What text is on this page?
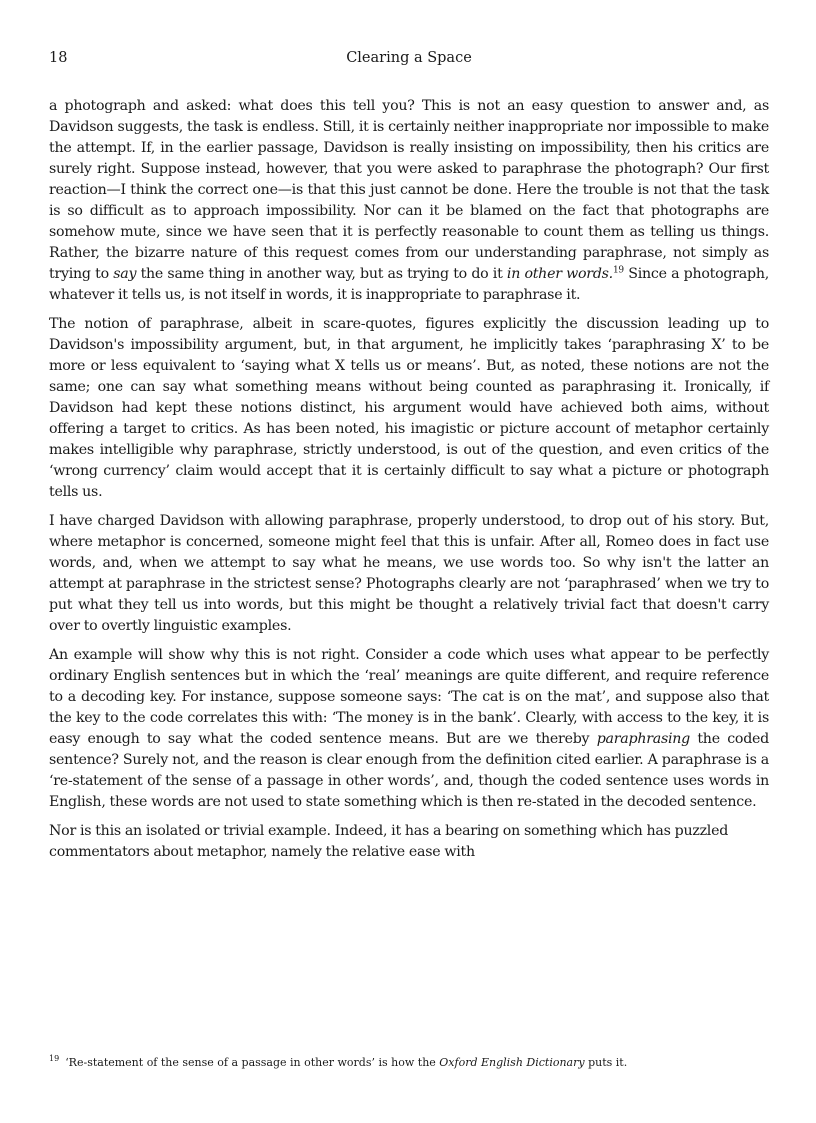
18	Clearing a Space

a photograph and asked: what does this tell you? This is not an easy question to answer and, as Davidson suggests, the task is endless. Still, it is certainly neither inappropriate nor impossible to make the attempt. If, in the earlier passage, Davidson is really insisting on impossibility, then his critics are surely right. Suppose instead, however, that you were asked to paraphrase the photograph? Our first reaction—I think the correct one—is that this just cannot be done. Here the trouble is not that the task is so difficult as to approach impossibility. Nor can it be blamed on the fact that photographs are somehow mute, since we have seen that it is perfectly reasonable to count them as telling us things. Rather, the bizarre nature of this request comes from our understanding paraphrase, not simply as trying to say the same thing in another way, but as trying to do it in other words.$^{19}$ Since a photograph, whatever it tells us, is not itself in words, it is inappropriate to paraphrase it.

The notion of paraphrase, albeit in scare-quotes, figures explicitly the discussion leading up to Davidson's impossibility argument, but, in that argument, he implicitly takes ‘paraphrasing X’ to be more or less equivalent to ‘saying what X tells us or means’. But, as noted, these notions are not the same; one can say what something means without being counted as paraphrasing it. Ironically, if Davidson had kept these notions distinct, his argument would have achieved both aims, without offering a target to critics. As has been noted, his imagistic or picture account of metaphor certainly makes intelligible why paraphrase, strictly understood, is out of the question, and even critics of the ‘wrong currency’ claim would accept that it is certainly difficult to say what a picture or photograph tells us.

I have charged Davidson with allowing paraphrase, properly understood, to drop out of his story. But, where metaphor is concerned, someone might feel that this is unfair. After all, Romeo does in fact use words, and, when we attempt to say what he means, we use words too. So why isn't the latter an attempt at paraphrase in the strictest sense? Photographs clearly are not ‘paraphrased’ when we try to put what they tell us into words, but this might be thought a relatively trivial fact that doesn't carry over to overtly linguistic examples.

An example will show why this is not right. Consider a code which uses what appear to be perfectly ordinary English sentences but in which the ‘real’ meanings are quite different, and require reference to a decoding key. For instance, suppose someone says: ‘The cat is on the mat’, and suppose also that the key to the code correlates this with: ‘The money is in the bank’. Clearly, with access to the key, it is easy enough to say what the coded sentence means. But are we thereby paraphrasing the coded sentence? Surely not, and the reason is clear enough from the definition cited earlier. A paraphrase is a ‘re-statement of the sense of a passage in other words’, and, though the coded sentence uses words in English, these words are not used to state something which is then re-stated in the decoded sentence.

Nor is this an isolated or trivial example. Indeed, it has a bearing on something which has puzzled commentators about metaphor, namely the relative ease with

$^{19}$ ‘Re-statement of the sense of a passage in other words’ is how the Oxford English Dictionary puts it.
